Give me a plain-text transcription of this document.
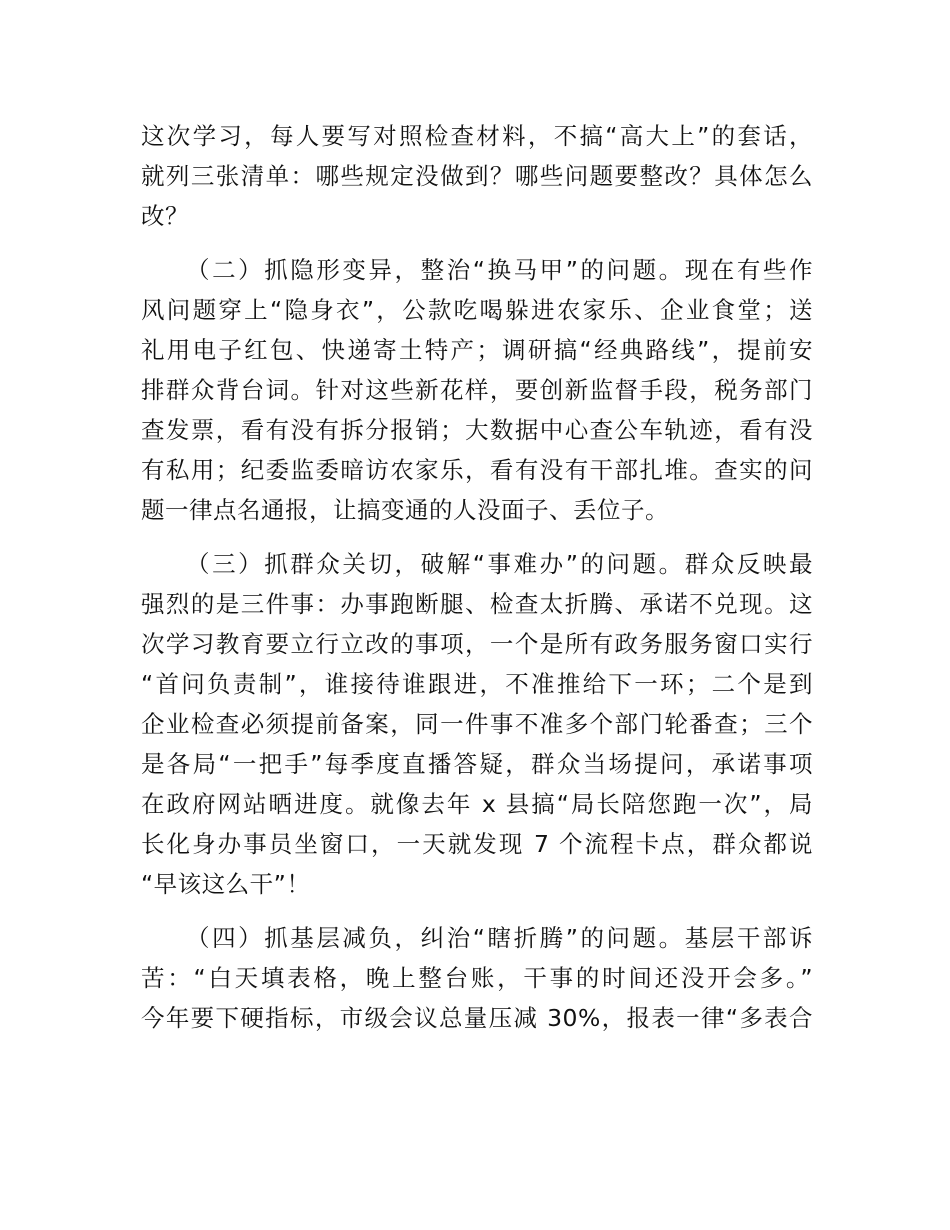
这次学习，每人要写对照检查材料，不搞“高大上”的套话，
就列三张清单：哪些规定没做到？哪些问题要整改？具体怎么
改？
（二）抓隐形变异，整治“换马甲”的问题。现在有些作
风问题穿上“隐身衣”，公款吃喝躲进农家乐、企业食堂；送
礼用电子红包、快递寄土特产；调研搞“经典路线”，提前安
排群众背台词。针对这些新花样，要创新监督手段，税务部门
查发票，看有没有拆分报销；大数据中心查公车轨迹，看有没
有私用；纪委监委暗访农家乐，看有没有干部扎堆。查实的问
题一律点名通报，让搞变通的人没面子、丢位子。
（三）抓群众关切，破解“事难办”的问题。群众反映最
强烈的是三件事：办事跑断腿、检查太折腾、承诺不兑现。这
次学习教育要立行立改的事项，一个是所有政务服务窗口实行
“首问负责制”，谁接待谁跟进，不准推给下一环；二个是到
企业检查必须提前备案，同一件事不准多个部门轮番查；三个
是各局“一把手”每季度直播答疑，群众当场提问，承诺事项
在政府网站晒进度。就像去年 x 县搞“局长陪您跑一次”，局
长化身办事员坐窗口，一天就发现 7 个流程卡点，群众都说
“早该这么干”！
（四）抓基层减负，纠治“瞎折腾”的问题。基层干部诉
苦：“白天填表格，晚上整台账，干事的时间还没开会多。”
今年要下硬指标，市级会议总量压减 30%，报表一律“多表合
